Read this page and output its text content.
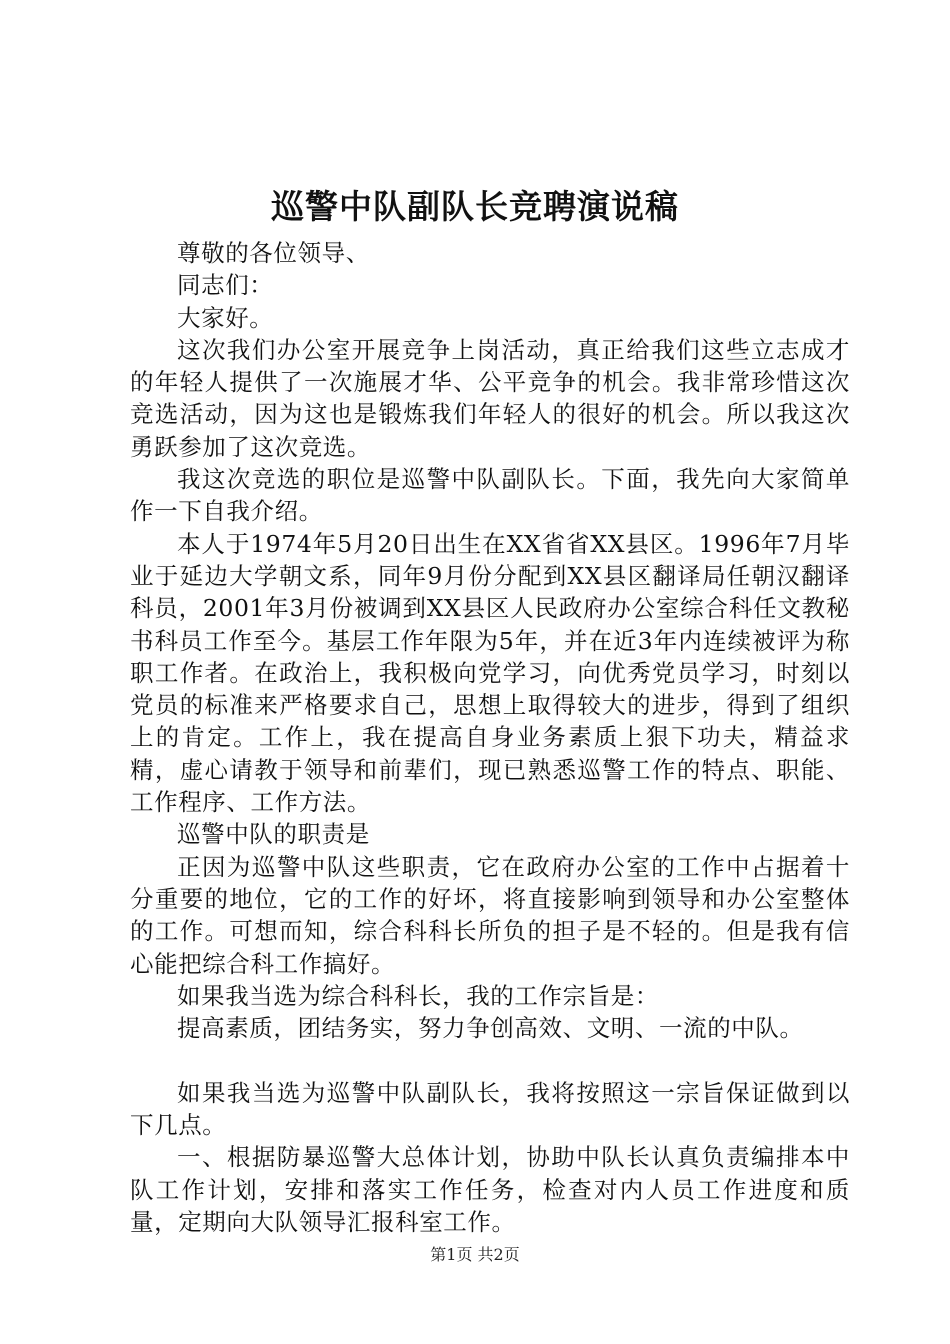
巡警中队副队长竞聘演说稿

尊敬的各位领导、

同志们：

大家好。

这次我们办公室开展竞争上岗活动，真正给我们这些立志成才的年轻人提供了一次施展才华、公平竞争的机会。我非常珍惜这次竞选活动，因为这也是锻炼我们年轻人的很好的机会。所以我这次勇跃参加了这次竞选。

我这次竞选的职位是巡警中队副队长。下面，我先向大家简单作一下自我介绍。

本人于1974年5月20日出生在XX省省XX县区。1996年7月毕业于延边大学朝文系，同年9月份分配到XX县区翻译局任朝汉翻译科员，2001年3月份被调到XX县区人民政府办公室综合科任文教秘书科员工作至今。基层工作年限为5年，并在近3年内连续被评为称职工作者。在政治上，我积极向党学习，向优秀党员学习，时刻以党员的标准来严格要求自己，思想上取得较大的进步，得到了组织上的肯定。工作上，我在提高自身业务素质上狠下功夫，精益求精，虚心请教于领导和前辈们，现已熟悉巡警工作的特点、职能、工作程序、工作方法。

巡警中队的职责是

正因为巡警中队这些职责，它在政府办公室的工作中占据着十分重要的地位，它的工作的好坏，将直接影响到领导和办公室整体的工作。可想而知，综合科科长所负的担子是不轻的。但是我有信心能把综合科工作搞好。

如果我当选为综合科科长，我的工作宗旨是：

提高素质，团结务实，努力争创高效、文明、一流的中队。

如果我当选为巡警中队副队长，我将按照这一宗旨保证做到以下几点。

一、根据防暴巡警大总体计划，协助中队长认真负责编排本中队工作计划，安排和落实工作任务，检查对内人员工作进度和质量，定期向大队领导汇报科室工作。

第1页 共2页
